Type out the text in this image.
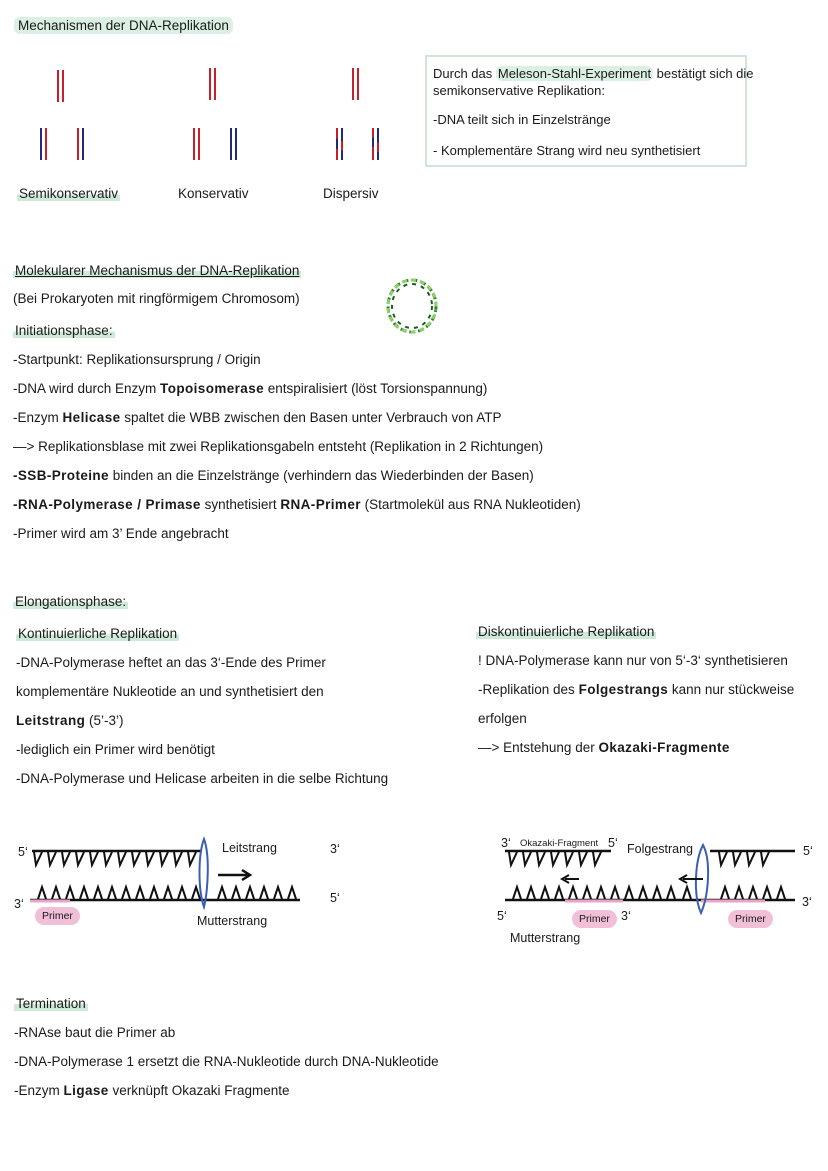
Mechanismen der DNA-Replikation
Semikonservativ	Konservativ	Dispersiv

Durch das Meleson-Stahl-Experiment bestätigt sich die
semikonservative Replikation:

-DNA teilt sich in Einzelstränge

- Komplementäre Strang wird neu synthetisiert

Molekularer Mechanismus der DNA-Replikation
(Bei Prokaryoten mit ringförmigem Chromosom)
Initiationsphase:
-Startpunkt: Replikationsursprung / Origin
-DNA wird durch Enzym Topoisomerase entspiralisiert (löst Torsionspannung)
-Enzym Helicase spaltet die WBB zwischen den Basen unter Verbrauch von ATP
—> Replikationsblase mit zwei Replikationsgabeln entsteht (Replikation in 2 Richtungen)
-SSB-Proteine binden an die Einzelstränge (verhindern das Wiederbinden der Basen)
-RNA-Polymerase / Primase synthetisiert RNA-Primer (Startmolekül aus RNA Nukleotiden)
-Primer wird am 3’ Ende angebracht
Elongationsphase:
Kontinuierliche Replikation
-DNA-Polymerase heftet an das 3‘-Ende des Primer
komplementäre Nukleotide an und synthetisiert den
Leitstrang (5’-3’)
-lediglich ein Primer wird benötigt
-DNA-Polymerase und Helicase arbeiten in die selbe Richtung
Diskontinuierliche Replikation
! DNA-Polymerase kann nur von 5‘-3‘ synthetisieren
-Replikation des Folgestrangs kann nur stückweise
erfolgen
—> Entstehung der Okazaki-Fragmente
5‘	Leitstrang	3‘
3‘	5‘
Primer	Mutterstrang
3‘ Okazaki-Fragment 5‘ Folgestrang	5‘
3‘
5‘	Primer 3‘	Primer
Mutterstrang
Termination
-RNAse baut die Primer ab
-DNA-Polymerase 1 ersetzt die RNA-Nukleotide durch DNA-Nukleotide
-Enzym Ligase verknüpft Okazaki Fragmente
